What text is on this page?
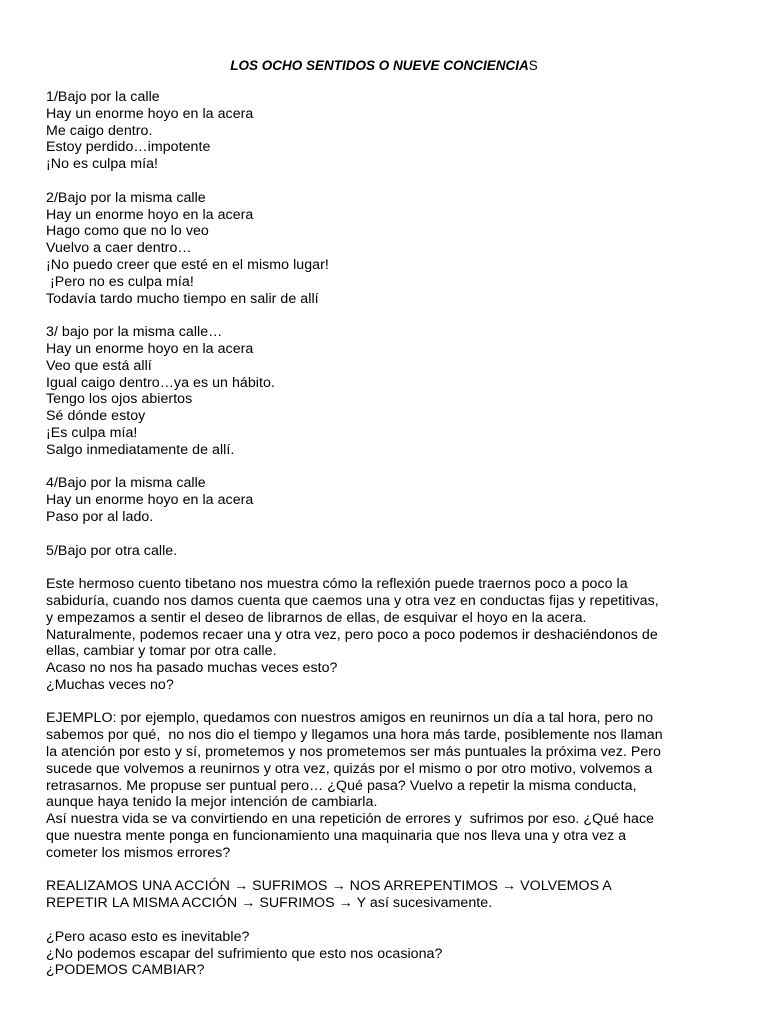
LOS OCHO SENTIDOS O NUEVE CONCIENCIAS
1/Bajo por la calle
Hay un enorme hoyo en la acera
Me caigo dentro.
Estoy perdido…impotente
¡No es culpa mía!
2/Bajo por la misma calle
Hay un enorme hoyo en la acera
Hago como que no lo veo
Vuelvo a caer dentro…
¡No puedo creer que esté en el mismo lugar!
¡Pero no es culpa mía!
Todavía tardo mucho tiempo en salir de allí
3/ bajo por la misma calle…
Hay un enorme hoyo en la acera
Veo que está allí
Igual caigo dentro…ya es un hábito.
Tengo los ojos abiertos
Sé dónde estoy
¡Es culpa mía!
Salgo inmediatamente de allí.
4/Bajo por la misma calle
Hay un enorme hoyo en la acera
Paso por al lado.
5/Bajo por otra calle.
Este hermoso cuento tibetano nos muestra cómo la reflexión puede traernos poco a poco la
sabiduría, cuando nos damos cuenta que caemos una y otra vez en conductas fijas y repetitivas,
y empezamos a sentir el deseo de librarnos de ellas, de esquivar el hoyo en la acera.
Naturalmente, podemos recaer una y otra vez, pero poco a poco podemos ir deshaciéndonos de
ellas, cambiar y tomar por otra calle.
Acaso no nos ha pasado muchas veces esto?
¿Muchas veces no?
EJEMPLO: por ejemplo, quedamos con nuestros amigos en reunirnos un día a tal hora, pero no
sabemos por qué,  no nos dio el tiempo y llegamos una hora más tarde, posiblemente nos llaman
la atención por esto y sí, prometemos y nos prometemos ser más puntuales la próxima vez. Pero
sucede que volvemos a reunirnos y otra vez, quizás por el mismo o por otro motivo, volvemos a
retrasarnos. Me propuse ser puntual pero… ¿Qué pasa? Vuelvo a repetir la misma conducta,
aunque haya tenido la mejor intención de cambiarla.
Así nuestra vida se va convirtiendo en una repetición de errores y  sufrimos por eso. ¿Qué hace
que nuestra mente ponga en funcionamiento una maquinaria que nos lleva una y otra vez a
cometer los mismos errores?
REALIZAMOS UNA ACCIÓN → SUFRIMOS → NOS ARREPENTIMOS → VOLVEMOS A
REPETIR LA MISMA ACCIÓN → SUFRIMOS → Y así sucesivamente.
¿Pero acaso esto es inevitable?
¿No podemos escapar del sufrimiento que esto nos ocasiona?
¿PODEMOS CAMBIAR?
